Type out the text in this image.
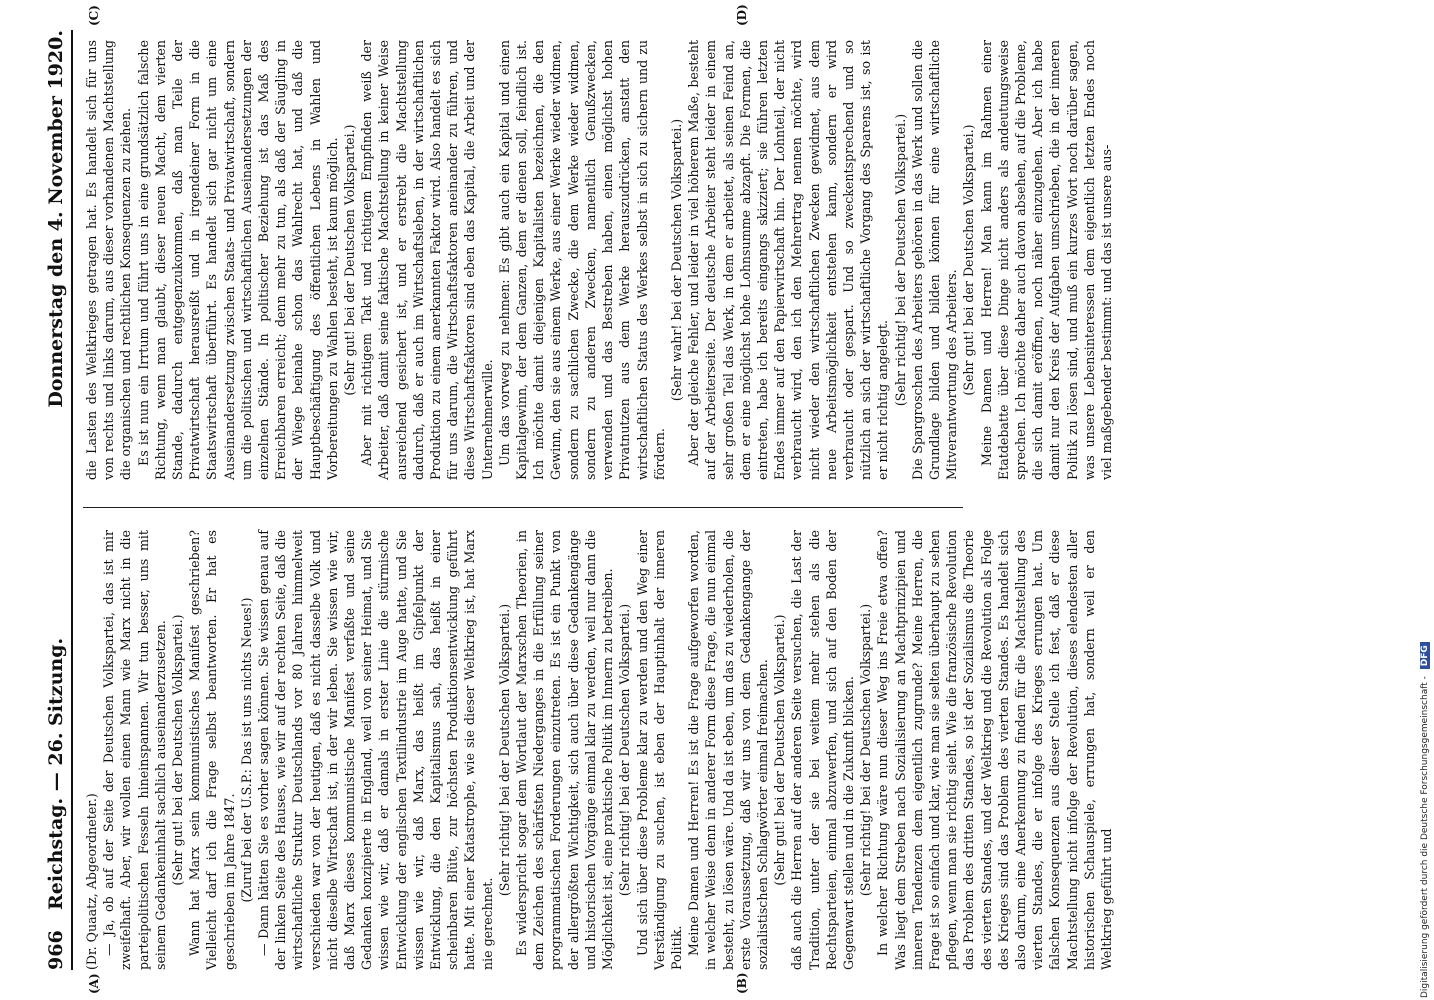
966
Reichstag. — 26. Sitzung.
Donnerstag den 4. November 1920.
(A)	(B)
(C)	(D)

(Dr. Quaatz, Abgeordneter.) — Ja, ob auf der Seite der Deutschen Volkspartei, das ist mir zweifelhaft. Aber, wir wollen einen Mann wie Marx nicht in die parteipolitischen Fesseln hineinspannen. Wir tun besser, uns mit seinem Gedankeninhalt sachlich auseinanderzusetzen. (Sehr gut! bei der Deutschen Volkspartei.) Wann hat Marx sein kommunistisches Manifest geschrieben? Vielleicht darf ich die Frage selbst beantworten. Er hat es geschrieben im Jahre 1847. (Zuruf bei der U.S.P.: Das ist uns nichts Neues!) — Dann hätten Sie es vorher sagen können. Sie wissen genau auf der linken Seite des Hauses, wie wir auf der rechten Seite, daß die wirtschaftliche Struktur Deutschlands vor 80 Jahren himmelweit verschieden war von der heutigen, daß es nicht dasselbe Volk und nicht dieselbe Wirtschaft ist, in der wir leben. Sie wissen wie wir, daß Marx dieses kommunistische Manifest verfaßte und seine Gedanken konzipierte in England, weil von seiner Heimat, und Sie wissen wie wir, daß er damals in erster Linie die stürmische Entwicklung der englischen Textilindustrie im Auge hatte, und Sie wissen wie wir, daß Marx, das heißt im Gipfelpunkt der Entwicklung, die den Kapitalismus sah, das heißt in einer scheinbaren Blüte, zur höchsten Produktionsentwicklung geführt hatte. Mit einer Katastrophe, wie sie dieser Weltkrieg ist, hat Marx nie gerechnet.

(Sehr richtig! bei der Deutschen Volkspartei.) Es widerspricht sogar dem Wortlaut der Marxschen Theorien, in dem Zeichen des schärfsten Niederganges in die Erfüllung seiner programmatischen Forderungen einzutreten. Es ist ein Punkt von der allergrößten Wichtigkeit, sich auch über diese Gedankengänge und historischen Vorgänge einmal klar zu werden, weil nur dann die Möglichkeit ist, eine praktische Politik im Innern zu betreiben. (Sehr richtig! bei der Deutschen Volkspartei.) Und sich über diese Probleme klar zu werden und den Weg einer Verständigung zu suchen, ist eben der Hauptinhalt der inneren Politik. Meine Damen und Herren! Es ist die Frage aufgeworfen worden, in welcher Weise denn in anderer Form diese Frage, die nun einmal besteht, zu lösen wäre. Und da ist eben, um das zu wiederholen, die erste Voraussetzung, daß wir uns von dem Gedankengange der sozialistischen Schlagwörter einmal freimachen. (Sehr gut! bei der Deutschen Volkspartei.) daß auch die Herren auf der anderen Seite versuchen, die Last der Tradition, unter der sie bei weitem mehr stehen als die Rechtsparteien, einmal abzuwerfen, und sich auf den Boden der Gegenwart stellen und in die Zukunft blicken. (Sehr richtig! bei der Deutschen Volkspartei.) In welcher Richtung wäre nun dieser Weg ins Freie etwa offen? Was liegt dem Streben nach Sozialisierung an Machtprinzipien und inneren Tendenzen dem eigentlich zugrunde? Meine Herren, die Frage ist so einfach und klar, wie man sie selten überhaupt zu sehen pflegen, wenn man sie richtig sieht. Wie die französische Revolution das Problem des dritten Standes, so ist der Sozialismus die Theorie des vierten Standes, und der Weltkrieg und die Revolution als Folge des Krieges sind das Problem des vierten Standes. Es handelt sich also darum, eine Anerkennung zu finden für die Machtstellung des vierten Standes, die er infolge des Krieges errungen hat. Um falschen Konsequenzen aus dieser Stelle ich fest, daß er diese Machtstellung nicht infolge der Revolution, dieses elendesten aller historischen Schauspiele, errungen hat, sondern weil er den Weltkrieg geführt und

die Lasten des Weltkrieges getragen hat. Es handelt sich für uns von rechts und links darum, aus dieser vorhandenen Machtstellung die organischen und rechtlichen Konsequenzen zu ziehen. Es ist nun ein Irrtum und führt uns in eine grundsätzlich falsche Richtung, wenn man glaubt, dieser neuen Macht, dem vierten Stande, dadurch entgegenzukommen, daß man Teile der Privatwirtschaft herausreißt und in irgendeiner Form in die Staatswirtschaft überführt. Es handelt sich gar nicht um eine Auseinandersetzung zwischen Staats- und Privatwirtschaft, sondern um die politischen und wirtschaftlichen Auseinandersetzungen der einzelnen Stände. In politischer Beziehung ist das Maß des Erreichbaren erreicht; denn mehr zu tun, als daß der Säugling in der Wiege beinahe schon das Wahlrecht hat, und daß die Hauptbeschäftigung des öffentlichen Lebens in Wahlen und Vorbereitungen zu Wahlen besteht, ist kaum möglich. (Sehr gut! bei der Deutschen Volkspartei.) Aber mit richtigem Takt und richtigem Empfinden weiß der Arbeiter, daß damit seine faktische Machtstellung in keiner Weise ausreichend gesichert ist, und er erstrebt die Machtstellung dadurch, daß er auch im Wirtschaftsleben, in der wirtschaftlichen Produktion zu einem anerkannten Faktor wird. Also handelt es sich für uns darum, die Wirtschaftsfaktoren aneinander zu führen, und diese Wirtschaftsfaktoren sind eben das Kapital, die Arbeit und der Unternehmerwille. Um das vorweg zu nehmen: Es gibt auch ein Kapital und einen Kapitalgewinn, der dem Ganzen, dem er dienen soll, feindlich ist. Ich möchte damit diejenigen Kapitalisten bezeichnen, die den Gewinn, den sie aus einem Werke, aus einer Werke wieder widmen, sondern zu sachlichen Zwecke, die dem Werke wieder widmen, sondern zu anderen Zwecken, namentlich Genußzwecken, verwenden und das Bestreben haben, einen möglichst hohen Privatnutzen aus dem Werke herauszudrücken, anstatt den wirtschaftlichen Status des Werkes selbst in sich zu sichern und zu fördern.

(Sehr wahr! bei der Deutschen Volkspartei.) Aber der gleiche Fehler, und leider in viel höherem Maße, besteht auf der Arbeiterseite. Der deutsche Arbeiter steht leider in einem sehr großen Teil das Werk, in dem er arbeitet, als seinen Feind an, dem er eine möglichst hohe Lohnsumme abzapft. Die Formen, die eintreten, habe ich bereits eingangs skizziert; sie führen letzten Endes immer auf den Papierwirtschaft hin. Der Lohnteil, der nicht verbraucht wird, den ich den Mehrertrag nennen möchte, wird nicht wieder den wirtschaftlichen Zwecken gewidmet, aus dem neue Arbeitsmöglichkeit entstehen kann, sondern er wird verbraucht oder gespart. Und so zweckentsprechend und so nützlich an sich der wirtschaftliche Vorgang des Sparens ist, so ist er nicht richtig angelegt. (Sehr richtig! bei der Deutschen Volkspartei.) Die Spargroschen des Arbeiters gehören in das Werk und sollen die Grundlage bilden und bilden können für eine wirtschaftliche Mitverantwortung des Arbeiters. (Sehr gut! bei der Deutschen Volkspartei.) Meine Damen und Herren! Man kann im Rahmen einer Etatdebatte über diese Dinge nicht anders als andeutungsweise sprechen. Ich möchte daher auch davon absehen, auf die Probleme, die sich damit eröffnen, noch näher einzugehen. Aber ich habe damit nur den Kreis der Aufgaben umschrieben, die in der inneren Politik zu lösen sind, und muß ein kurzes Wort noch darüber sagen, was unsere Lebensinteressen dem eigentlich letzten Endes noch viel maßgebender bestimmt: und das ist unsere aus-

Digitalisierung gefördert durch die Deutsche Forschungsgemeinschaft - DFG
